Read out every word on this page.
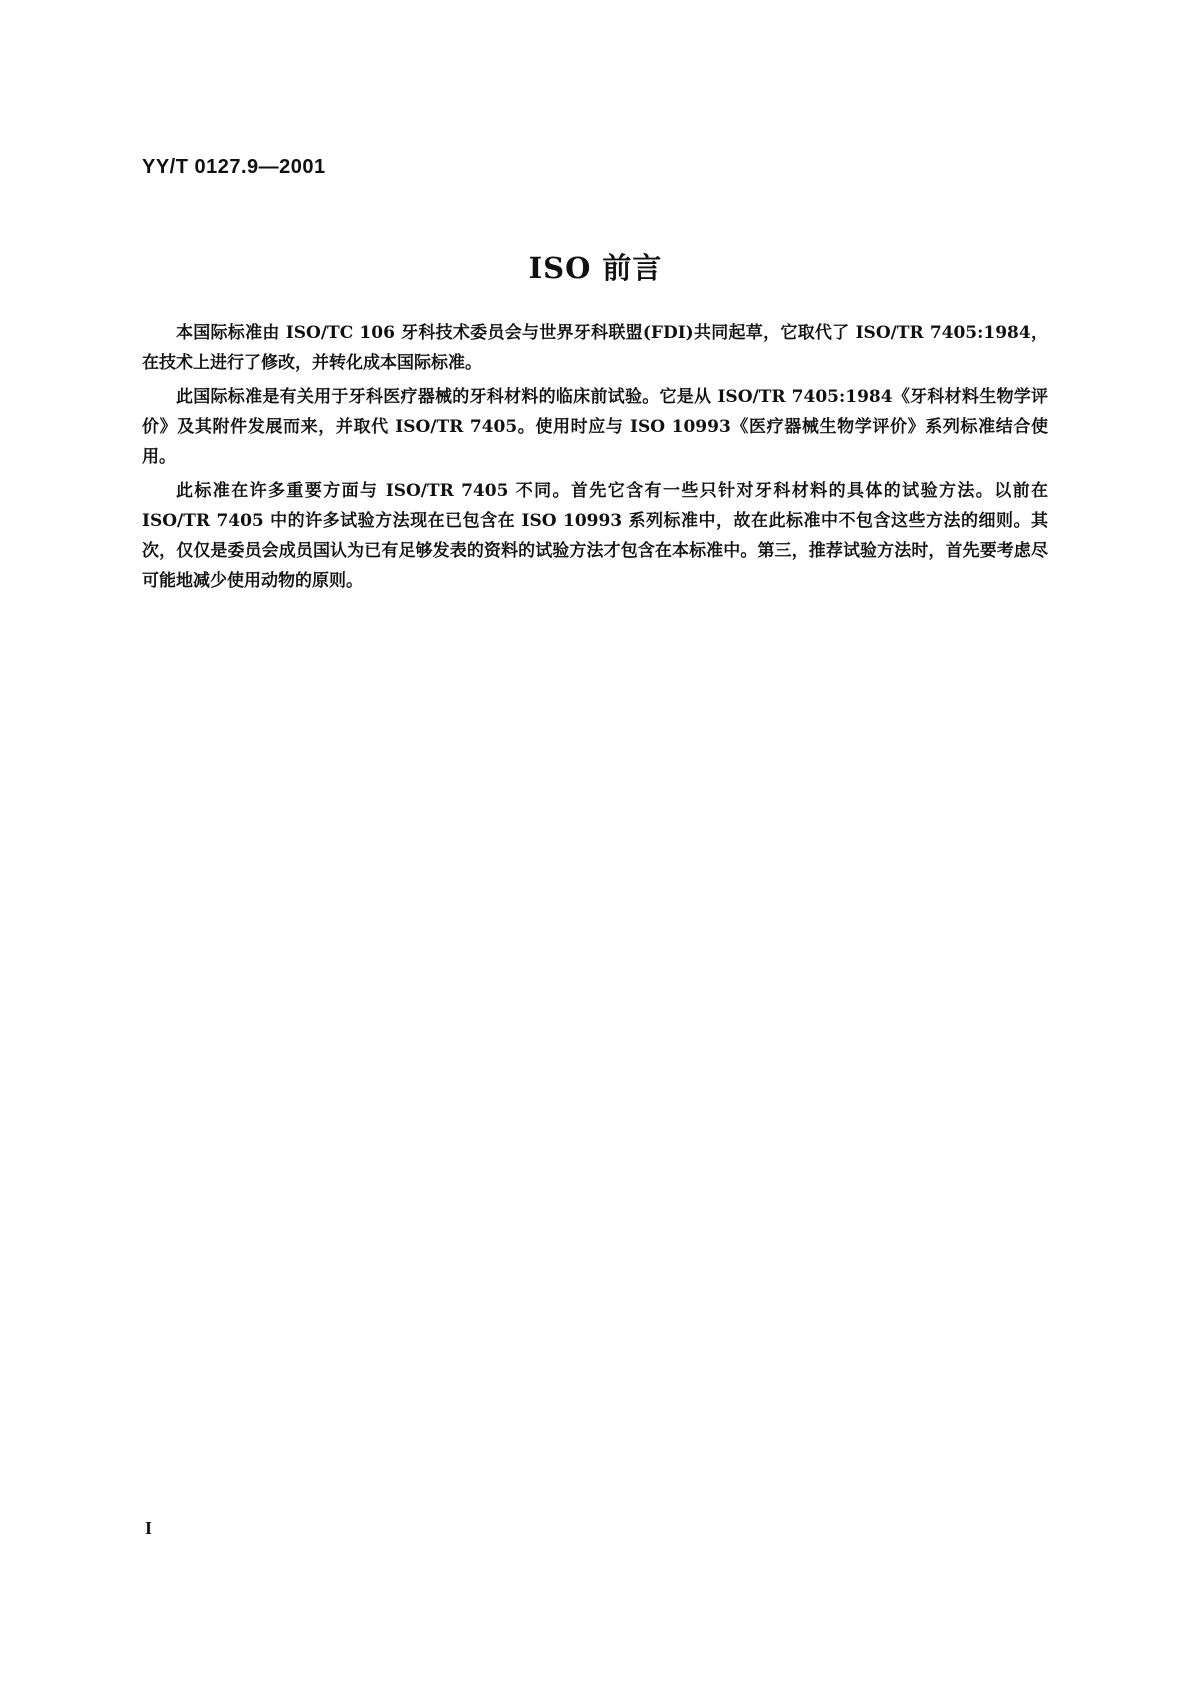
YY/T 0127.9—2001
ISO 前言

本国际标准由 ISO/TC 106 牙科技术委员会与世界牙科联盟(FDI)共同起草，它取代了 ISO/TR 7405:1984，在技术上进行了修改，并转化成本国际标准。

此国际标准是有关用于牙科医疗器械的牙科材料的临床前试验。它是从 ISO/TR 7405:1984《牙科材料生物学评价》及其附件发展而来，并取代 ISO/TR 7405。使用时应与 ISO 10993《医疗器械生物学评价》系列标准结合使用。

此标准在许多重要方面与 ISO/TR 7405 不同。首先它含有一些只针对牙科材料的具体的试验方法。以前在 ISO/TR 7405 中的许多试验方法现在已包含在 ISO 10993 系列标准中，故在此标准中不包含这些方法的细则。其次，仅仅是委员会成员国认为已有足够发表的资料的试验方法才包含在本标准中。第三，推荐试验方法时，首先要考虑尽可能地减少使用动物的原则。

I
